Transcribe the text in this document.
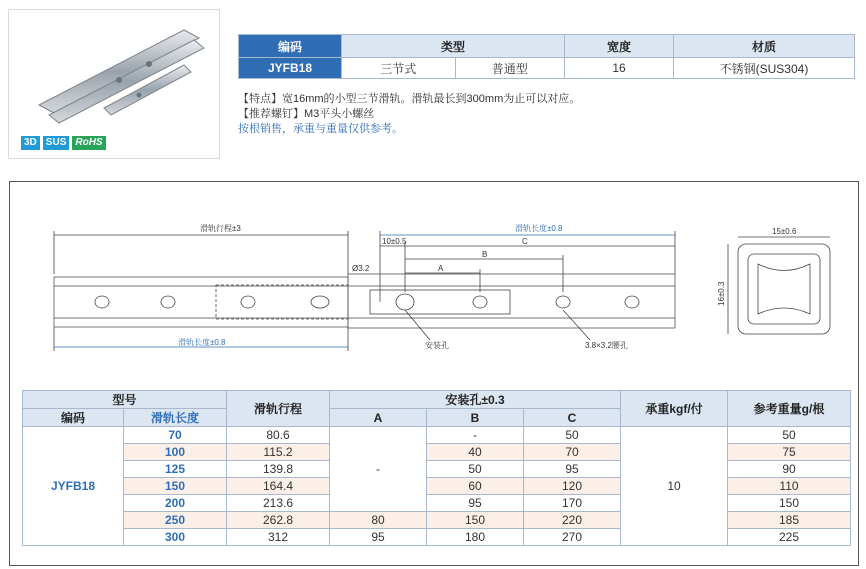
3D SUS RoHS
编码	类型		宽度	材质
JYFB18	三节式	普通型	16	不锈钢(SUS304)
【特点】宽16mm的小型三节滑轨。滑轨最长到300mm为止可以对应。
【推荐螺钉】M3平头小螺丝
按根销售，承重与重量仅供参考。
滑轨行程±3	滑轨长度±0.8
10±0.5	C
B
A
Ø3.2
滑轨长度±0.8	安装孔	3.8×3.2腰孔
15±0.6
16±0.3
型号		滑轨行程	安装孔±0.3			承重kgf/付	参考重量g/根
编码	滑轨长度		A	B	C		
JYFB18	70	80.6	-	-	50	10	50
	100	115.2		40	70		75
	125	139.8		50	95		90
	150	164.4		60	120		110
	200	213.6		95	170		150
	250	262.8	80	150	220		185
	300	312	95	180	270		225
